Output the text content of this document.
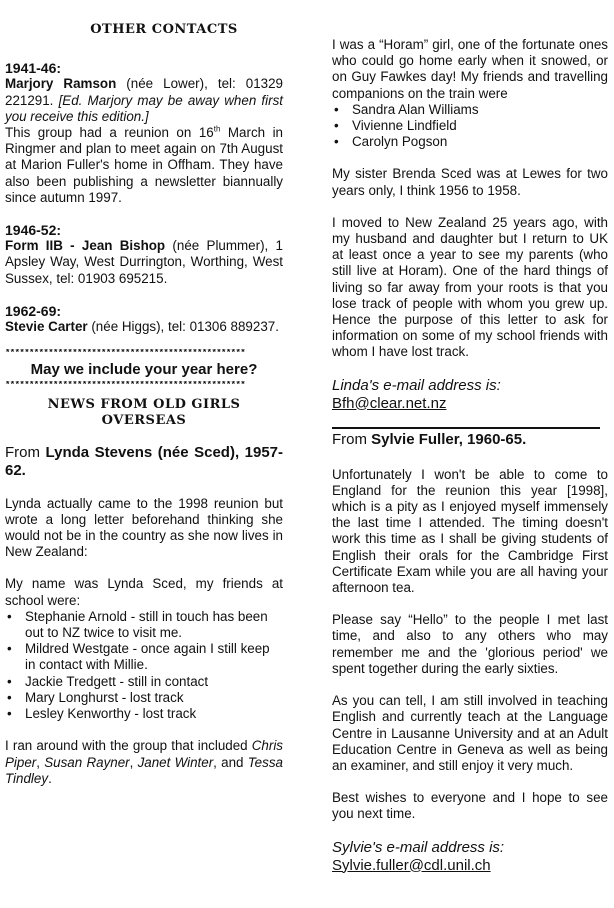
OTHER CONTACTS
1941-46:

Marjory Ramson (née Lower), tel: 01329 221291. [Ed. Marjory may be away when first you receive this edition.]

This group had a reunion on 16th March in Ringmer and plan to meet again on 7th August at Marion Fuller's home in Offham. They have also been publishing a newsletter biannually since autumn 1997.

1946-52:

Form IIB - Jean Bishop (née Plummer), 1 Apsley Way, West Durrington, Worthing, West Sussex, tel: 01903 695215.

1962-69:

Stevie Carter (née Higgs), tel: 01306 889237.

**************************************************
May we include your year here?
**************************************************
NEWS FROM OLD GIRLS OVERSEAS

From Lynda Stevens (née Sced), 1957-62.

Lynda actually came to the 1998 reunion but wrote a long letter beforehand thinking she would not be in the country as she now lives in New Zealand:

My name was Lynda Sced, my friends at school were:

• Stephanie Arnold - still in touch has been out to NZ twice to visit me.
• Mildred Westgate - once again I still keep in contact with Millie.
• Jackie Tredgett - still in contact
• Mary Longhurst - lost track
• Lesley Kenworthy - lost track

I ran around with the group that included Chris Piper, Susan Rayner, Janet Winter, and Tessa Tindley.

I was a “Horam” girl, one of the fortunate ones who could go home early when it snowed, or on Guy Fawkes day! My friends and travelling companions on the train were

• Sandra Alan Williams
• Vivienne Lindfield
• Carolyn Pogson

My sister Brenda Sced was at Lewes for two years only, I think 1956 to 1958.

I moved to New Zealand 25 years ago, with my husband and daughter but I return to UK at least once a year to see my parents (who still live at Horam). One of the hard things of living so far away from your roots is that you lose track of people with whom you grew up. Hence the purpose of this letter to ask for information on some of my school friends with whom I have lost track.

Linda's e-mail address is:
Bfh@clear.net.nz
From Sylvie Fuller, 1960-65.

Unfortunately I won't be able to come to England for the reunion this year [1998], which is a pity as I enjoyed myself immensely the last time I attended. The timing doesn't work this time as I shall be giving students of English their orals for the Cambridge First Certificate Exam while you are all having your afternoon tea.

Please say “Hello” to the people I met last time, and also to any others who may remember me and the 'glorious period' we spent together during the early sixties.

As you can tell, I am still involved in teaching English and currently teach at the Language Centre in Lausanne University and at an Adult Education Centre in Geneva as well as being an examiner, and still enjoy it very much.

Best wishes to everyone and I hope to see you next time.

Sylvie's e-mail address is:
Sylvie.fuller@cdl.unil.ch
